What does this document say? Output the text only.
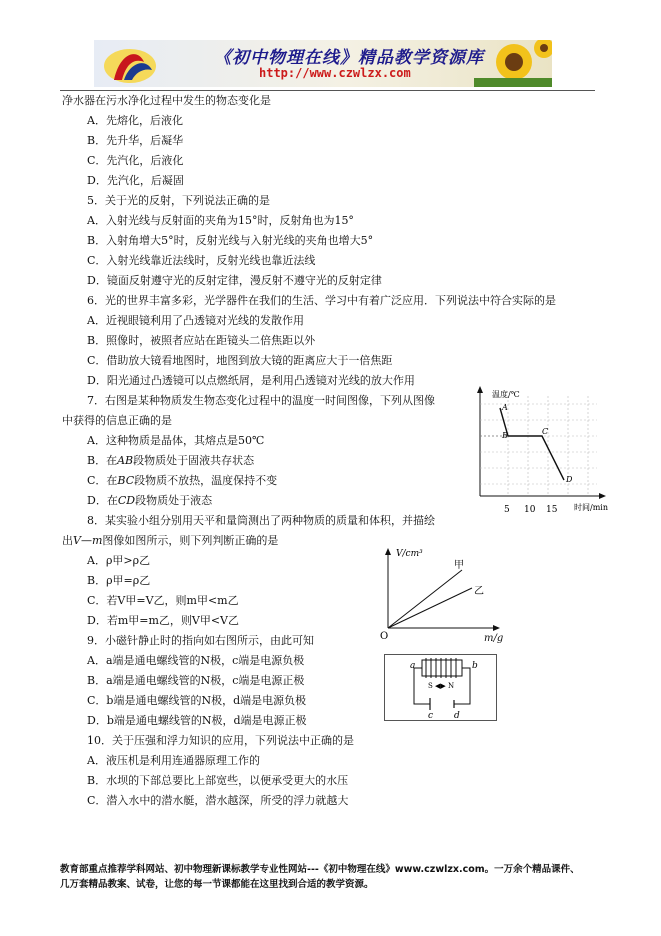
《初中物理在线》精品教学资源库
http://www.czwlzx.com
净水器在污水净化过程中发生的物态变化是
A．先熔化，后液化
B．先升华，后凝华
C．先汽化，后液化
D．先汽化，后凝固
5．关于光的反射，下列说法正确的是
A．入射光线与反射面的夹角为15°时，反射角也为15°
B．入射角增大5°时，反射光线与入射光线的夹角也增大5°
C．入射光线靠近法线时，反射光线也靠近法线
D．镜面反射遵守光的反射定律，漫反射不遵守光的反射定律
6．光的世界丰富多彩，光学器件在我们的生活、学习中有着广泛应用．下列说法中符合实际的是
A．近视眼镜利用了凸透镜对光线的发散作用
B．照像时，被照者应站在距镜头二倍焦距以外
C．借助放大镜看地图时，地图到放大镜的距离应大于一倍焦距
D．阳光通过凸透镜可以点燃纸屑，是利用凸透镜对光线的放大作用
7．右图是某种物质发生物态变化过程中的温度一时间图像，下列从图像
中获得的信息正确的是
A．这种物质是晶体，其熔点是50℃
B．在AB段物质处于固液共存状态
C．在BC段物质不放热，温度保持不变
D．在CD段物质处于液态
8．某实验小组分别用天平和量筒测出了两种物质的质量和体积，并描绘
出V—m图像如图所示，则下列判断正确的是
A．ρ甲>ρ乙
B．ρ甲=ρ乙
C．若V甲=V乙，则m甲<m乙
D．若m甲=m乙，则V甲<V乙
9．小磁针静止时的指向如右图所示，由此可知
A．a端是通电螺线管的N极，c端是电源负极
B．a端是通电螺线管的N极，c端是电源正极
C．b端是通电螺线管的N极，d端是电源负极
D．b端是通电螺线管的N极，d端是电源正极
10．关于压强和浮力知识的应用，下列说法中正确的是
A．液压机是利用连通器原理工作的
B．水坝的下部总要比上部宽些，以便承受更大的水压
C．潜入水中的潜水艇，潜水越深，所受的浮力就越大
温度/℃
时间/min
5 10 15
A
B	C
D
V/cm³
甲
乙
O	m/g
a	b
c d
S ◀▶ N
教育部重点推荐学科网站、初中物理新课标教学专业性网站---《初中物理在线》www.czwlzx.com。一万余个精品课件、
几万套精品教案、试卷，让您的每一节课都能在这里找到合适的教学资源。
